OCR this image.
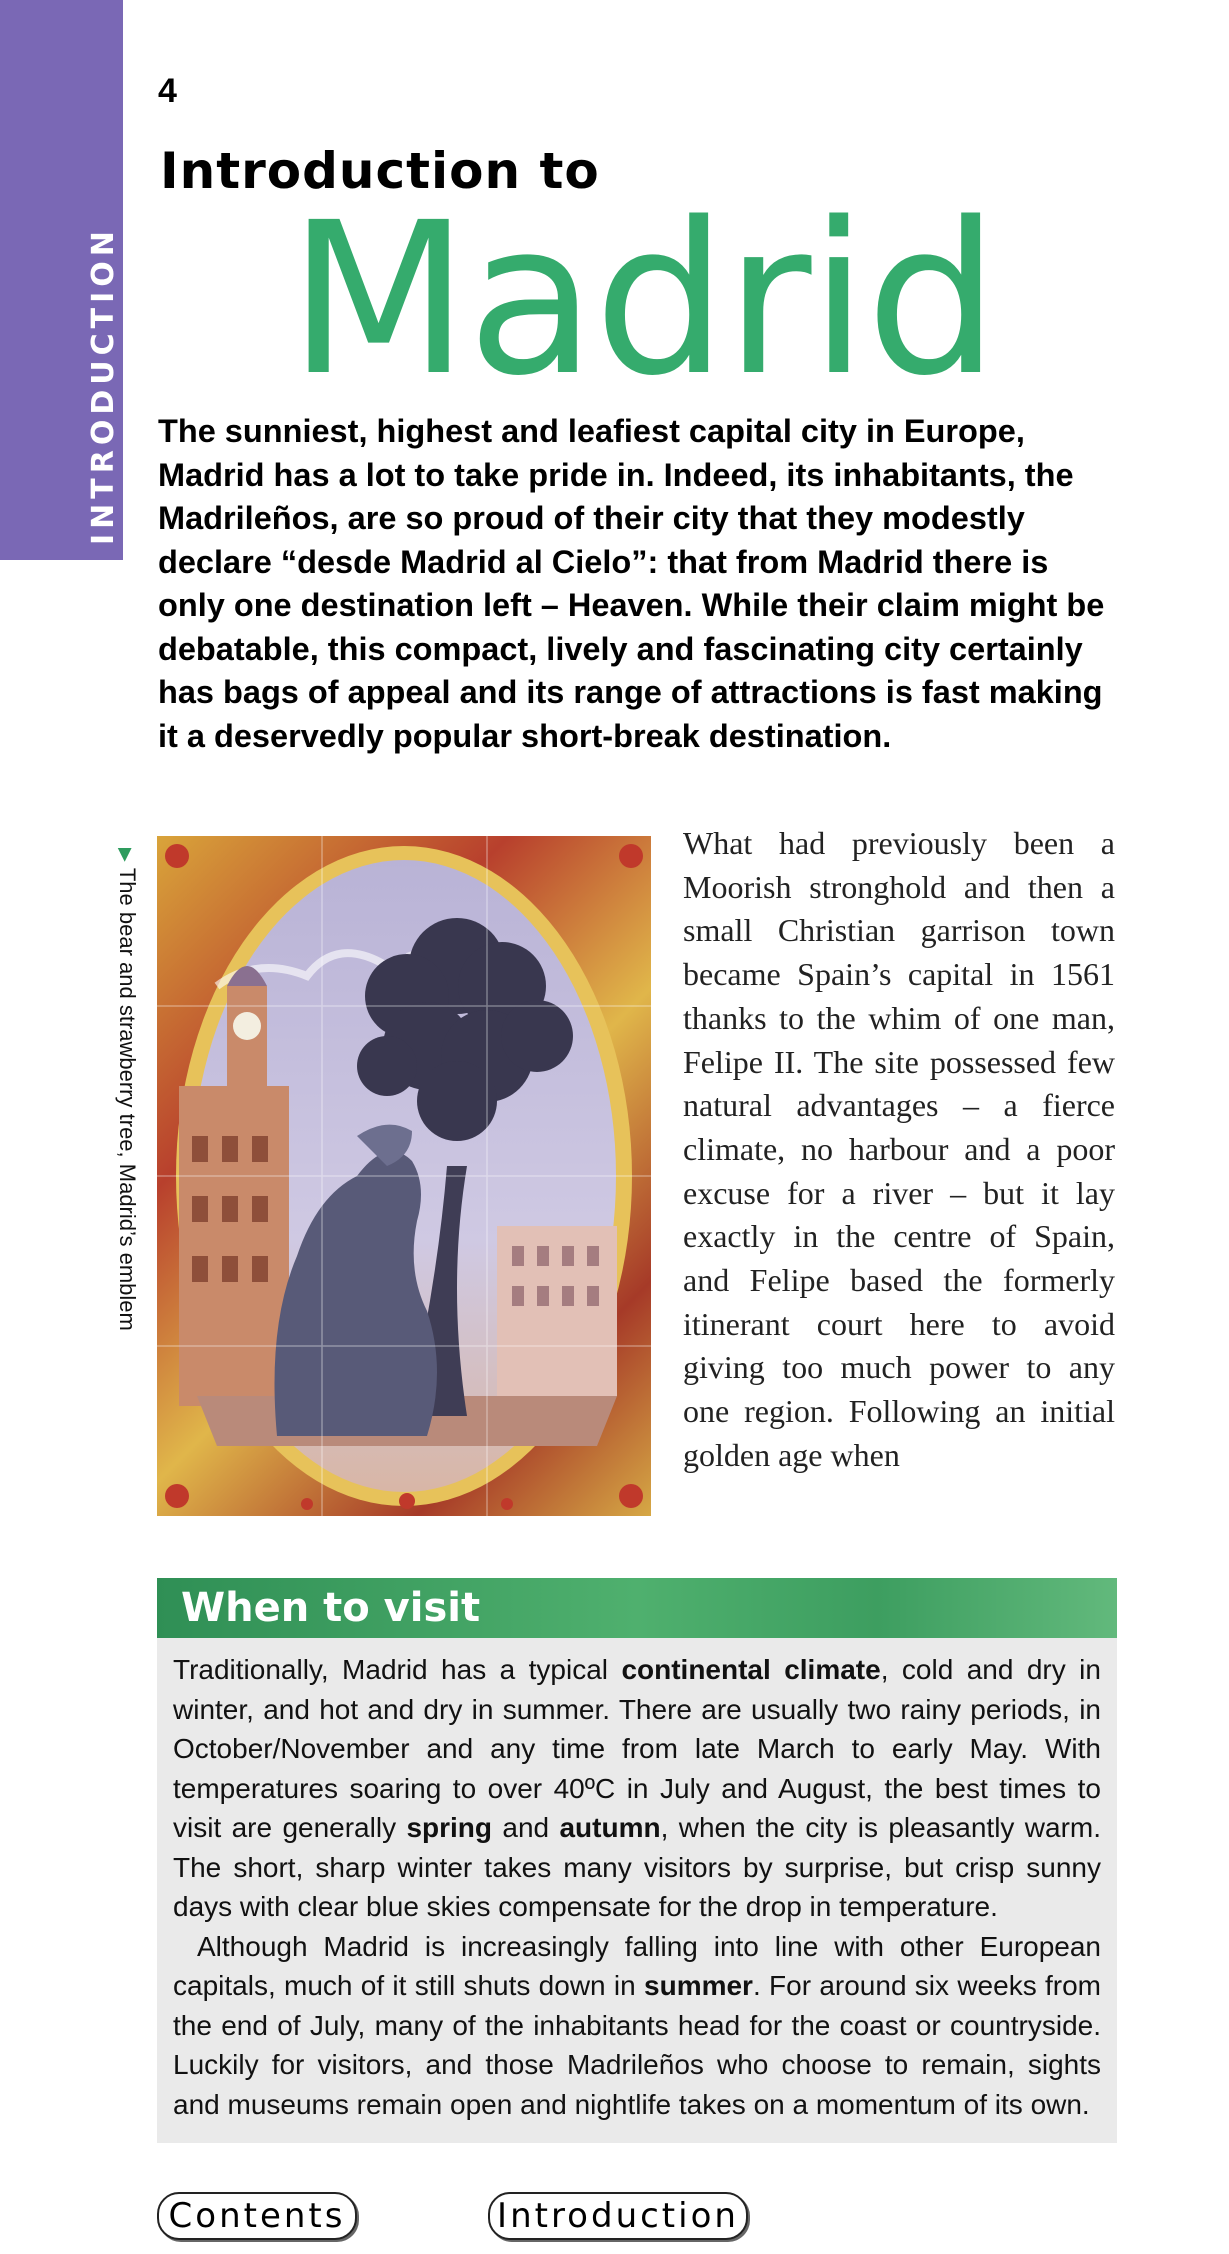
INTRODUCTION
4
Introduction to
Madrid
The sunniest, highest and leafiest capital city in Europe, Madrid has a lot to take pride in. Indeed, its inhabitants, the Madrileños, are so proud of their city that they modestly declare “desde Madrid al Cielo”: that from Madrid there is only one destination left – Heaven. While their claim might be debatable, this compact, lively and fascinating city certainly has bags of appeal and its range of attractions is fast making it a deservedly popular short-break destination.
▶The bear and strawberry tree, Madrid’s emblem
What had previously been a Moorish stronghold and then a small Christian garrison town became Spain’s capital in 1561 thanks to the whim of one man, Felipe II. The site possessed few natural advantages – a fierce climate, no harbour and a poor excuse for a river – but it lay exactly in the centre of Spain, and Felipe based the formerly itinerant court here to avoid giving too much power to any one region. Following an initial golden age when
When to visit

Traditionally, Madrid has a typical continental climate, cold and dry in winter, and hot and dry in summer. There are usually two rainy periods, in October/November and any time from late March to early May. With temperatures soaring to over 40ºC in July and August, the best times to visit are generally spring and autumn, when the city is pleasantly warm. The short, sharp winter takes many visitors by surprise, but crisp sunny days with clear blue skies compensate for the drop in temperature.

Although Madrid is increasingly falling into line with other European capitals, much of it still shuts down in summer. For around six weeks from the end of July, many of the inhabitants head for the coast or countryside. Luckily for visitors, and those Madrileños who choose to remain, sights and museums remain open and nightlife takes on a momentum of its own.

Contents	Introduction
